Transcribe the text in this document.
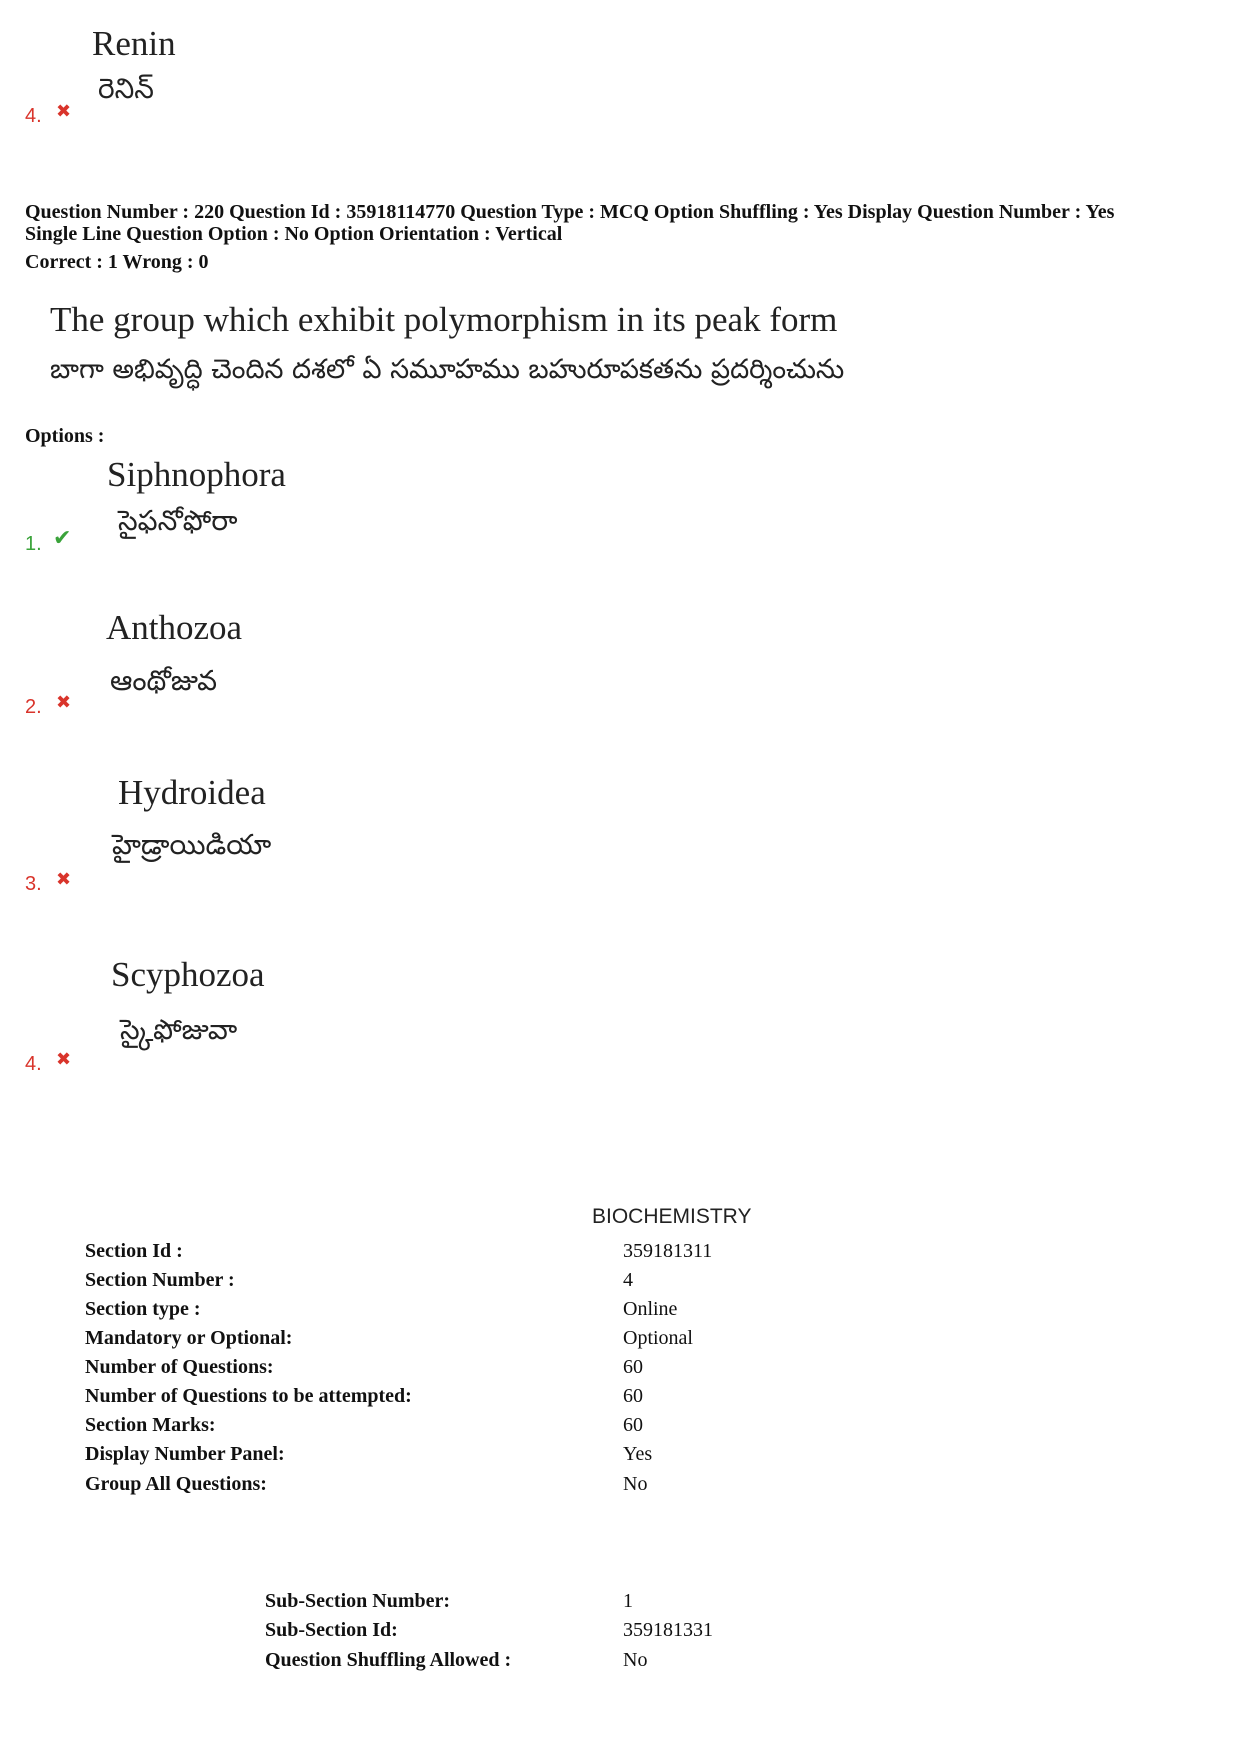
Renin
రెనిన్
4. ✖
Question Number : 220 Question Id : 35918114770 Question Type : MCQ Option Shuffling : Yes Display Question Number : Yes
Single Line Question Option : No Option Orientation : Vertical
Correct : 1 Wrong : 0
The group which exhibit polymorphism in its peak form
బాగా అభివృద్ధి చెందిన దశలో ఏ సమూహము బహురూపకతను ప్రదర్శించును
Options :
Siphnophora
సైఫనోఫోరా
1. ✔
Anthozoa
ఆంథోజువ
2. ✖
Hydroidea
హైడ్రాయిడియా
3. ✖
Scyphozoa
స్కైఫోజువా
4. ✖
BIOCHEMISTRY
Section Id :	359181311
Section Number :	4
Section type :	Online
Mandatory or Optional:	Optional
Number of Questions:	60
Number of Questions to be attempted:	60
Section Marks:	60
Display Number Panel:	Yes
Group All Questions:	No
Sub-Section Number:	1
Sub-Section Id:	359181331
Question Shuffling Allowed :	No
